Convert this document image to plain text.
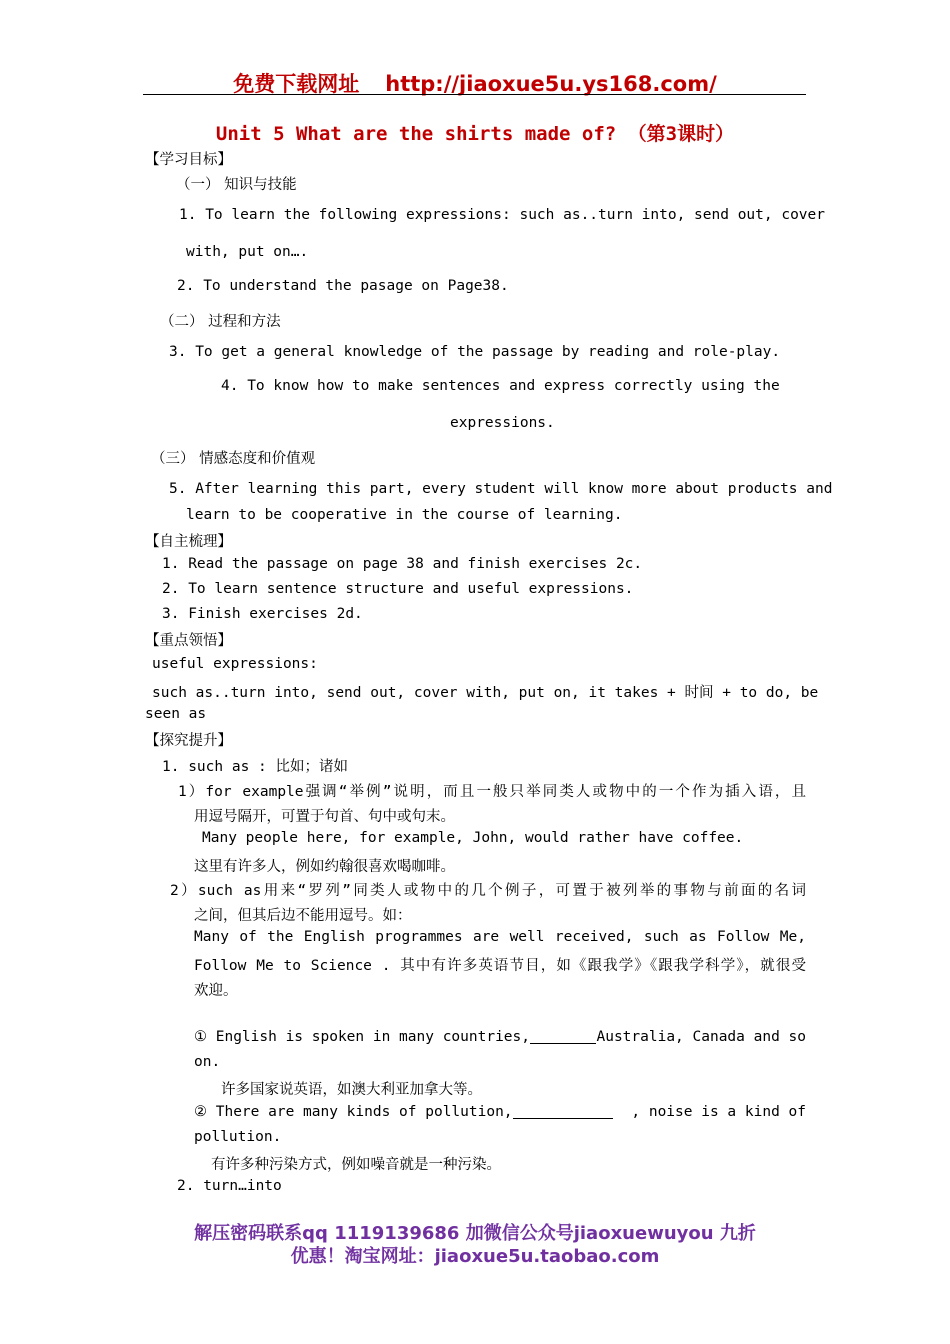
免费下载网址 http://jiaoxue5u.ys168.com/
Unit 5 What are the shirts made of? （第3课时）
【学习目标】
（一） 知识与技能
1. To learn the following expressions: such as..turn into, send out, cover
with, put on….
2. To understand the pasage on Page38.
（二） 过程和方法
3. To get a general knowledge of the passage by reading and role-play.
4. To know how to make sentences and express correctly using the
expressions.
（三） 情感态度和价值观
5. After learning this part, every student will know more about products and
learn to be cooperative in the course of learning.
【自主梳理】
1. Read the passage on page 38 and finish exercises 2c.
2. To learn sentence structure and useful expressions.
3. Finish exercises 2d.
【重点领悟】
useful expressions:
such as..turn into, send out, cover with, put on, it takes + 时间 + to do, be
seen as
【探究提升】
1. such as : 比如；诸如
1）for example强调“举例”说明，而且一般只举同类人或物中的一个作为插入语，且
用逗号隔开，可置于句首、句中或句末。
Many people here, for example, John, would rather have coffee.
这里有许多人，例如约翰很喜欢喝咖啡。
2）such as用来“罗列”同类人或物中的几个例子，可置于被列举的事物与前面的名词
之间，但其后边不能用逗号。如：
Many of the English programmes are well received, such as Follow Me,
Follow Me to Science . 其中有许多英语节目，如《跟我学》《跟我学科学》，就很受
欢迎。
① English is spoken in many countries,	Australia, Canada and so
on.
许多国家说英语，如澳大利亚加拿大等。
② There are many kinds of pollution,	, noise is a kind of
pollution.
有许多种污染方式，例如噪音就是一种污染。
2. turn…into
解压密码联系qq 1119139686 加微信公众号jiaoxuewuyou 九折
优惠！淘宝网址：jiaoxue5u.taobao.com
